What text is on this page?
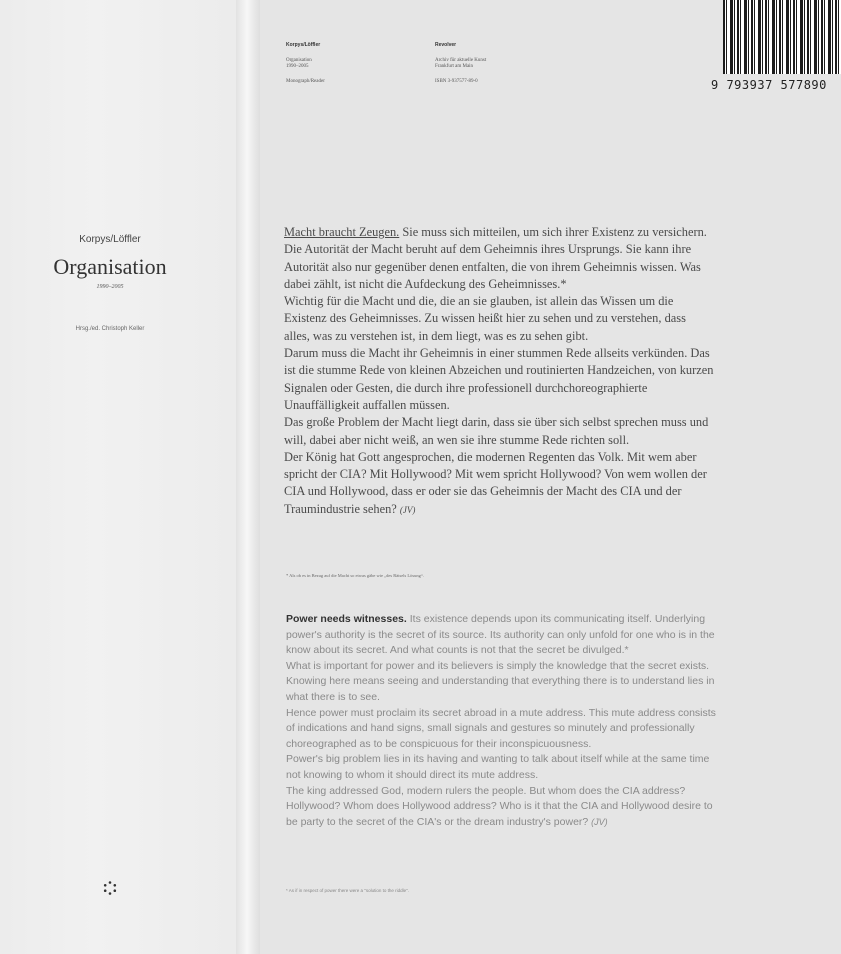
Korpys/Löffler
Organisation
1990–2005
Hrsg./ed. Christoph Keller
Korpys/Löffler
Organisation
1990–2005
Monograph/Reader
Revolver
Archiv für aktuelle Kunst
Frankfurt am Main
ISBN 3-937577-89-0	9 793937 577890

Macht braucht Zeugen. Sie muss sich mitteilen, um sich ihrer Existenz zu versichern. Die Autorität der Macht beruht auf dem Geheimnis ihres Ursprungs. Sie kann ihre Autorität also nur gegenüber denen entfalten, die von ihrem Geheimnis wissen. Was dabei zählt, ist nicht die Aufdeckung des Geheimnisses.*

Wichtig für die Macht und die, die an sie glauben, ist allein das Wissen um die Existenz des Geheimnisses. Zu wissen heißt hier zu sehen und zu verstehen, dass alles, was zu verstehen ist, in dem liegt, was es zu sehen gibt.

Darum muss die Macht ihr Geheimnis in einer stummen Rede allseits verkünden. Das ist die stumme Rede von kleinen Abzeichen und routinierten Handzeichen, von kurzen Signalen oder Gesten, die durch ihre professionell durchchoreographierte Unauffälligkeit auffallen müssen.

Das große Problem der Macht liegt darin, dass sie über sich selbst sprechen muss und will, dabei aber nicht weiß, an wen sie ihre stumme Rede richten soll.

Der König hat Gott angesprochen, die modernen Regenten das Volk. Mit wem aber spricht der CIA? Mit Hollywood? Mit wem spricht Hollywood? Von wem wollen der CIA und Hollywood, dass er oder sie das Geheimnis der Macht des CIA und der Traumindustrie sehen? (JV)

* Als ob es in Bezug auf die Macht so etwas gäbe wie „des Rätsels Lösung“.

Power needs witnesses. Its existence depends upon its communicating itself. Underlying power's authority is the secret of its source. Its authority can only unfold for one who is in the know about its secret. And what counts is not that the secret be divulged.*

What is important for power and its believers is simply the knowledge that the secret exists. Knowing here means seeing and understanding that everything there is to understand lies in what there is to see.

Hence power must proclaim its secret abroad in a mute address. This mute address consists of indications and hand signs, small signals and gestures so minutely and professionally choreographed as to be conspicuous for their inconspicuousness.

Power's big problem lies in its having and wanting to talk about itself while at the same time not knowing to whom it should direct its mute address.

The king addressed God, modern rulers the people. But whom does the CIA address? Hollywood? Whom does Hollywood address? Who is it that the CIA and Hollywood desire to be party to the secret of the CIA's or the dream industry's power? (JV)

* As if in respect of power there were a "solution to the riddle".
